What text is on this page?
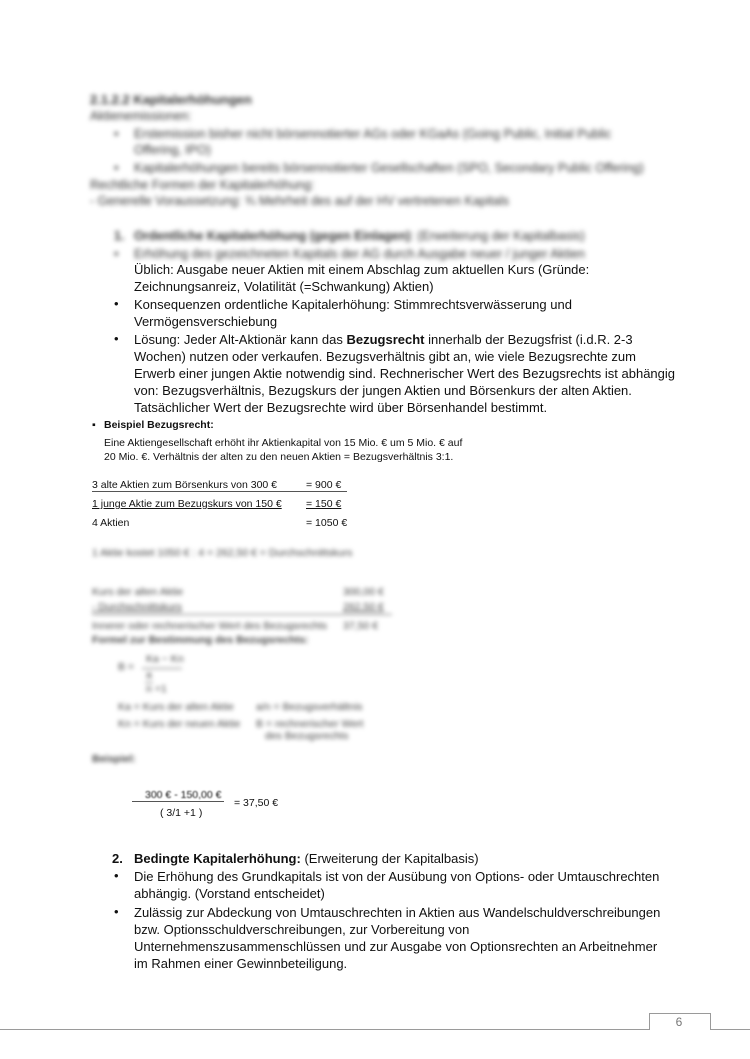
2.1.2.2 Kapitalerhöhungen
Aktienemissionen:
• Erstemission bisher nicht börsennotierter AGs oder KGaAs (Going Public, Initial Public
Offering, IPO)
• Kapitalerhöhungen bereits börsennotierter Gesellschaften (SPO, Secondary Public Offering)
Rechtliche Formen der Kapitalerhöhung:
- Generelle Voraussetzung: ¾ Mehrheit des auf der HV vertretenen Kapitals
1. Ordentliche Kapitalerhöhung (gegen Einlagen): (Erweiterung der Kapitalbasis)
• Erhöhung des gezeichneten Kapitals der AG durch Ausgabe neuer / junger Aktien
Üblich: Ausgabe neuer Aktien mit einem Abschlag zum aktuellen Kurs (Gründe:
Zeichnungsanreiz, Volatilität (=Schwankung) Aktien)
• Konsequenzen ordentliche Kapitalerhöhung: Stimmrechtsverwässerung und
Vermögensverschiebung
• Lösung: Jeder Alt-Aktionär kann das Bezugsrecht innerhalb der Bezugsfrist (i.d.R. 2-3
Wochen) nutzen oder verkaufen. Bezugsverhältnis gibt an, wie viele Bezugsrechte zum
Erwerb einer jungen Aktie notwendig sind. Rechnerischer Wert des Bezugsrechts ist abhängig
von: Bezugsverhältnis, Bezugskurs der jungen Aktien und Börsenkurs der alten Aktien.
Tatsächlicher Wert der Bezugsrechte wird über Börsenhandel bestimmt.
▪ Beispiel Bezugsrecht:
Eine Aktiengesellschaft erhöht ihr Aktienkapital von 15 Mio. € um 5 Mio. € auf
20 Mio. €. Verhältnis der alten zu den neuen Aktien = Bezugsverhältnis 3:1.
3 alte Aktien zum Börsenkurs von 300 €	= 900 €
1 junge Aktie zum Bezugskurs von 150 € = 150 €
4 Aktien	= 1050 €
1 Aktie kostet 1050 € : 4 = 262,50 € = Durchschnittskurs
Kurs der alten Aktie	300,00 €
- Durchschnittskurs	262,50 €
Innerer oder rechnerischer Wert des Bezugsrechts 37,50 €
Formel zur Bestimmung des Bezugsrechts:
B =
Ka − Kn
a
n +1
Ka = Kurs der alten Aktie a/n = Bezugsverhältnis
Kn = Kurs der neuen Aktie B = rechnerischer Wert
des Bezugsrechts
Beispiel:
300 € - 150,00 €
( 3/1 +1 )
= 37,50 €
2. Bedingte Kapitalerhöhung: (Erweiterung der Kapitalbasis)
• Die Erhöhung des Grundkapitals ist von der Ausübung von Options- oder Umtauschrechten
abhängig. (Vorstand entscheidet)
• Zulässig zur Abdeckung von Umtauschrechten in Aktien aus Wandelschuldverschreibungen
bzw. Optionsschuldverschreibungen, zur Vorbereitung von
Unternehmenszusammenschlüssen und zur Ausgabe von Optionsrechten an Arbeitnehmer
im Rahmen einer Gewinnbeteiligung.
6
